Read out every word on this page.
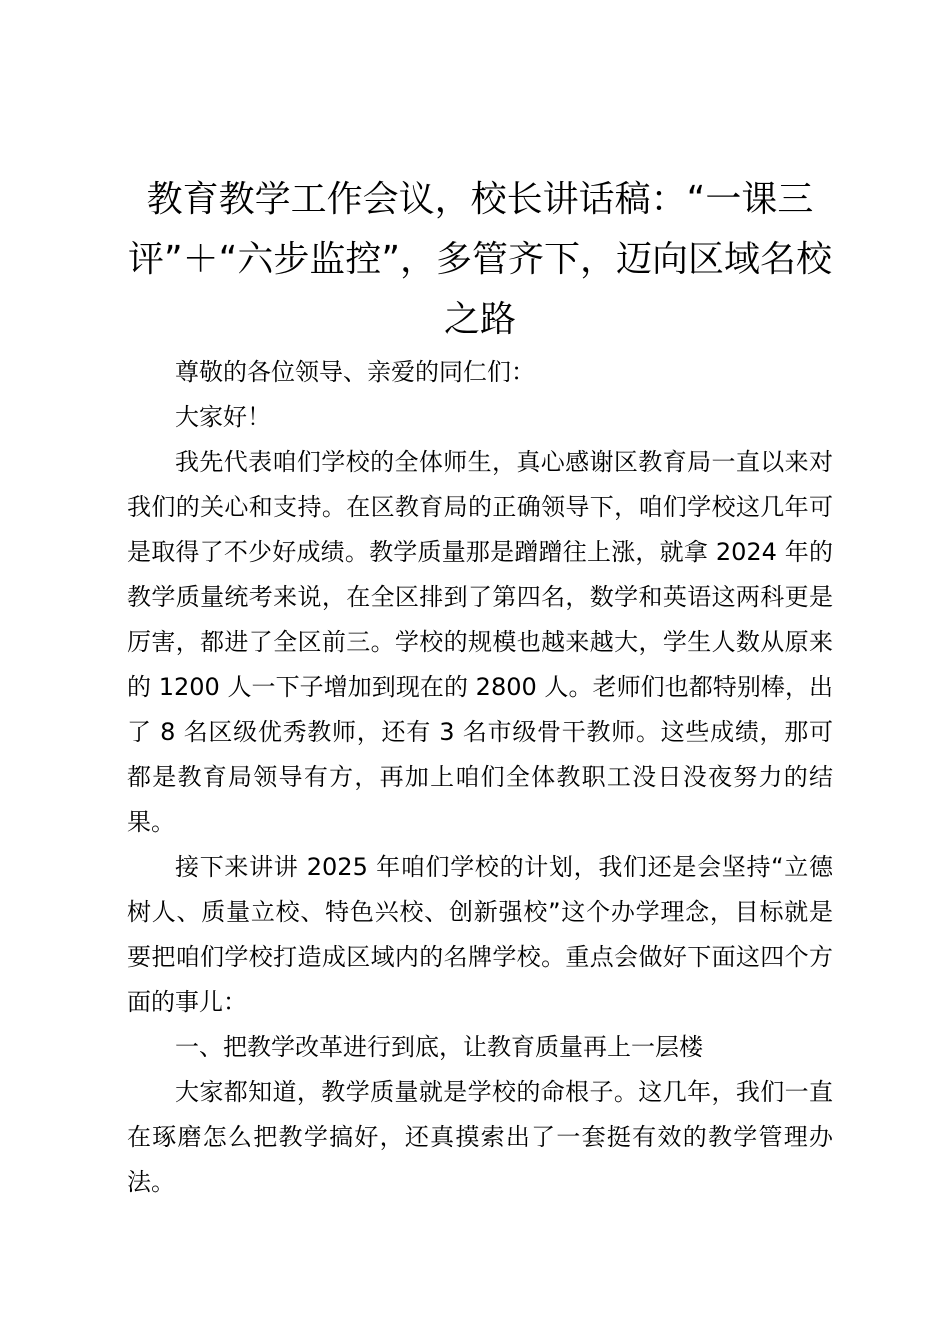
教育教学工作会议，校长讲话稿：“一课三评”＋“六步监控”，多管齐下，迈向区域名校之路

尊敬的各位领导、亲爱的同仁们：

大家好！

我先代表咱们学校的全体师生，真心感谢区教育局一直以来对我们的关心和支持。在区教育局的正确领导下，咱们学校这几年可是取得了不少好成绩。教学质量那是蹭蹭往上涨，就拿 2024 年的教学质量统考来说，在全区排到了第四名，数学和英语这两科更是厉害，都进了全区前三。学校的规模也越来越大，学生人数从原来的 1200 人一下子增加到现在的 2800 人。老师们也都特别棒，出了 8 名区级优秀教师，还有 3 名市级骨干教师。这些成绩，那可都是教育局领导有方，再加上咱们全体教职工没日没夜努力的结果。

接下来讲讲 2025 年咱们学校的计划，我们还是会坚持“立德树人、质量立校、特色兴校、创新强校”这个办学理念，目标就是要把咱们学校打造成区域内的名牌学校。重点会做好下面这四个方面的事儿：

一、把教学改革进行到底，让教育质量再上一层楼

大家都知道，教学质量就是学校的命根子。这几年，我们一直在琢磨怎么把教学搞好，还真摸索出了一套挺有效的教学管理办法。
